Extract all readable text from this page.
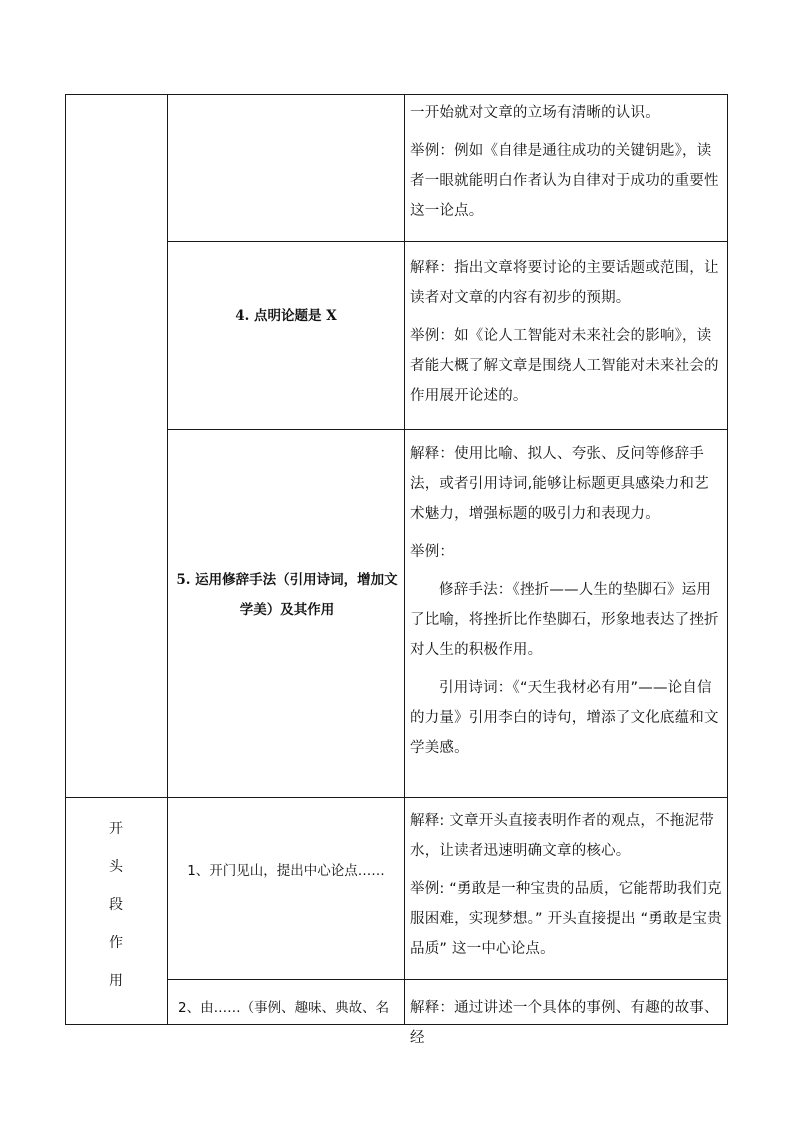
一开始就对文章的立场有清晰的认识。

举例：例如《自律是通往成功的关键钥匙》，读者一眼就能明白作者认为自律对于成功的重要性这一论点。

4. 点明论题是 X

解释：指出文章将要讨论的主要话题或范围，让读者对文章的内容有初步的预期。

举例：如《论人工智能对未来社会的影响》，读者能大概了解文章是围绕人工智能对未来社会的作用展开论述的。

5. 运用修辞手法（引用诗词，增加文学美）及其作用

解释：使用比喻、拟人、夸张、反问等修辞手法，或者引用诗词,能够让标题更具感染力和艺术魅力，增强标题的吸引力和表现力。

举例：

修辞手法：《挫折——人生的垫脚石》运用了比喻，将挫折比作垫脚石，形象地表达了挫折对人生的积极作用。

引用诗词：《“天生我材必有用”——论自信的力量》引用李白的诗句，增添了文化底蕴和文学美感。

开
头
段
作
用
1、开门见山，提出中心论点……

解释: 文章开头直接表明作者的观点，不拖泥带水，让读者迅速明确文章的核心。

举例: “勇敢是一种宝贵的品质，它能帮助我们克服困难，实现梦想。” 开头直接提出 “勇敢是宝贵品质” 这一中心论点。

2、由……（事例、趣味、典故、名	解释：通过讲述一个具体的事例、有趣的故事、经
